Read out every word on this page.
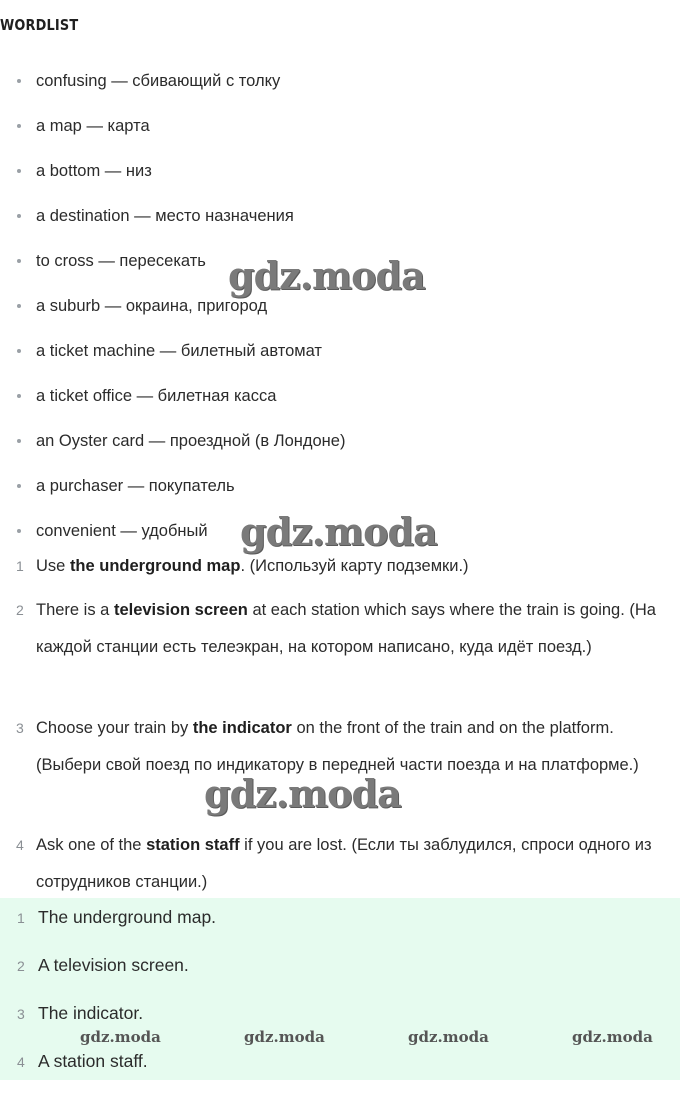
WORDLIST
confusing — сбивающий с толку
a map — карта
a bottom — низ
a destination — место назначения
to cross — пересекать
a suburb — окраина, пригород
a ticket machine — билетный автомат
a ticket office — билетная касса
an Oyster card — проездной (в Лондоне)
a purchaser — покупатель
convenient — удобный
1 Use the underground map. (Используй карту подземки.)
2 There is a television screen at each station which says where the train is going. (На каждой станции есть телеэкран, на котором написано, куда идёт поезд.)
3 Choose your train by the indicator on the front of the train and on the platform. (Выбери свой поезд по индикатору в передней части поезда и на платформе.)
4 Ask one of the station staff if you are lost. (Если ты заблудился, спроси одного из сотрудников станции.)
1 The underground map.
2 A television screen.
3 The indicator.
4 A station staff.
gdz.moda	gdz.moda	gdz.moda	gdz.moda
gdz.moda
gdz.moda
gdz.moda
